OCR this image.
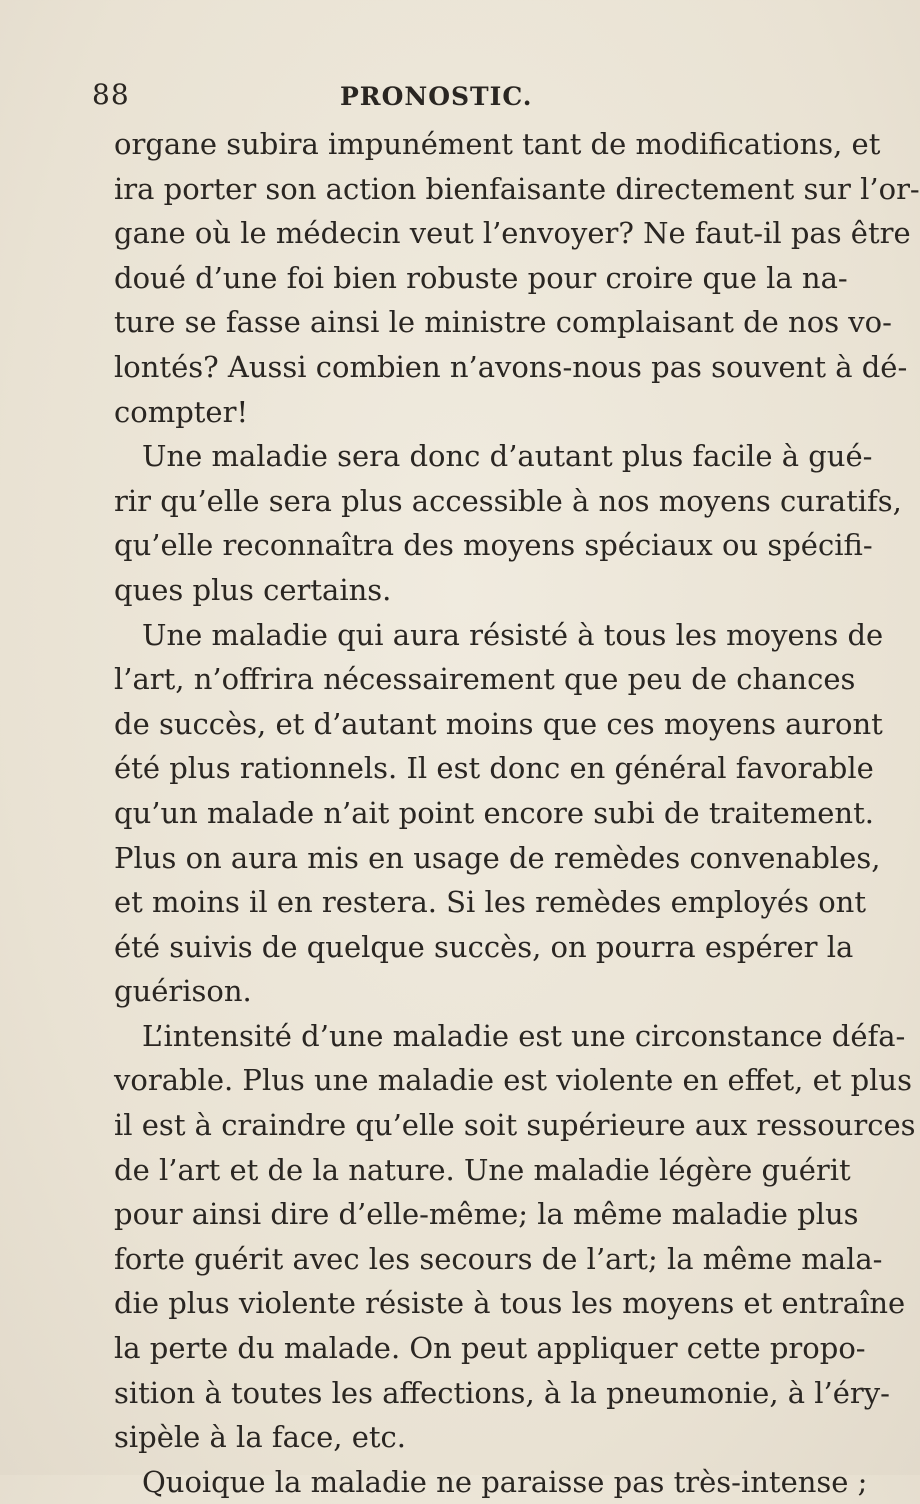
88	PRONOSTIC.
organe subira impunément tant de modifications, et
ira porter son action bienfaisante directement sur l’or-
gane où le médecin veut l’envoyer? Ne faut-il pas être
doué d’une foi bien robuste pour croire que la na-
ture se fasse ainsi le ministre complaisant de nos vo-
lontés? Aussi combien n’avons-nous pas souvent à dé-
compter!
Une maladie sera donc d’autant plus facile à gué-
rir qu’elle sera plus accessible à nos moyens curatifs,
qu’elle reconnaîtra des moyens spéciaux ou spécifi-
ques plus certains.
Une maladie qui aura résisté à tous les moyens de
l’art, n’offrira nécessairement que peu de chances
de succès, et d’autant moins que ces moyens auront
été plus rationnels. Il est donc en général favorable
qu’un malade n’ait point encore subi de traitement.
Plus on aura mis en usage de remèdes convenables,
et moins il en restera. Si les remèdes employés ont
été suivis de quelque succès, on pourra espérer la
guérison.
L’intensité d’une maladie est une circonstance défa-
vorable. Plus une maladie est violente en effet, et plus
il est à craindre qu’elle soit supérieure aux ressources
de l’art et de la nature. Une maladie légère guérit
pour ainsi dire d’elle-même; la même maladie plus
forte guérit avec les secours de l’art; la même mala-
die plus violente résiste à tous les moyens et entraîne
la perte du malade. On peut appliquer cette propo-
sition à toutes les affections, à la pneumonie, à l’éry-
sipèle à la face, etc.
Quoique la maladie ne paraisse pas très-intense ;
